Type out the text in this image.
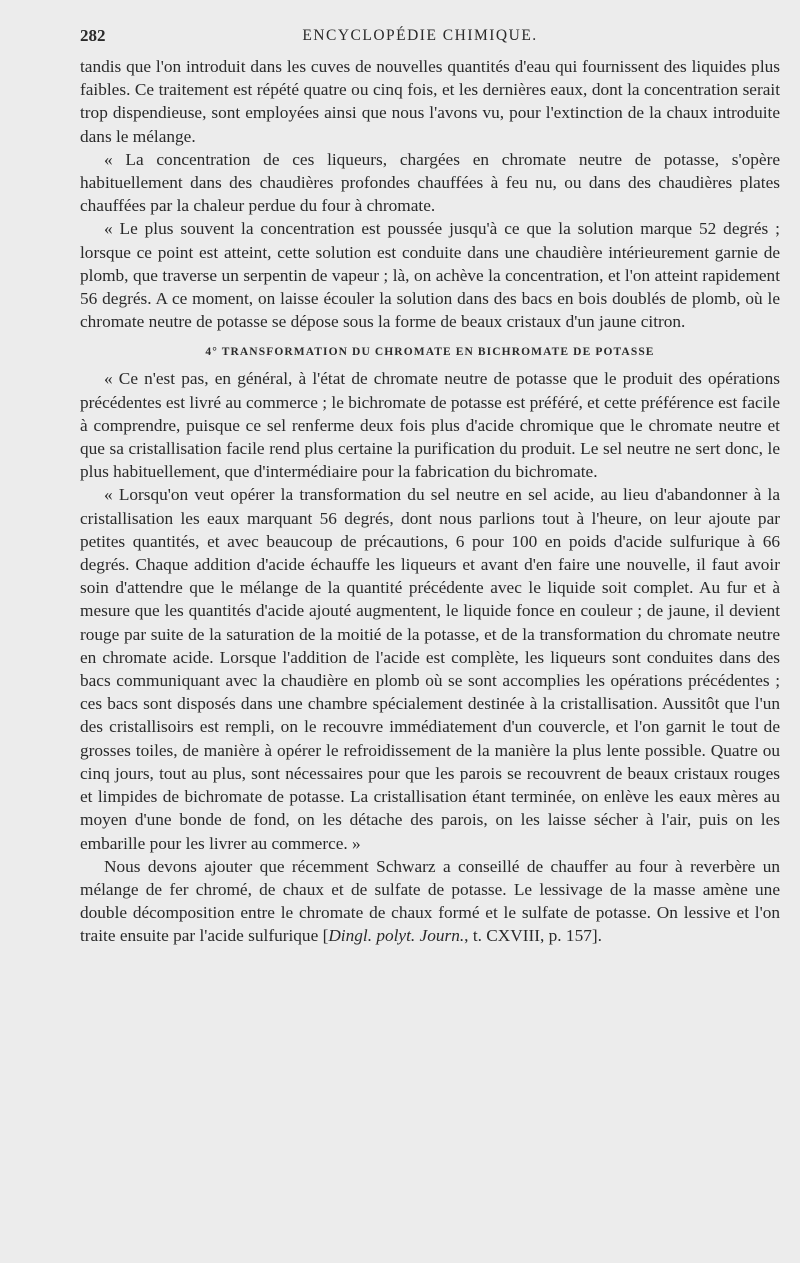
282	ENCYCLOPÉDIE CHIMIQUE.

tandis que l'on introduit dans les cuves de nouvelles quantités d'eau qui fournissent des liquides plus faibles. Ce traitement est répété quatre ou cinq fois, et les dernières eaux, dont la concentration serait trop dispendieuse, sont employées ainsi que nous l'avons vu, pour l'extinction de la chaux introduite dans le mélange.

« La concentration de ces liqueurs, chargées en chromate neutre de potasse, s'opère habituellement dans des chaudières profondes chauffées à feu nu, ou dans des chaudières plates chauffées par la chaleur perdue du four à chromate.

« Le plus souvent la concentration est poussée jusqu'à ce que la solution marque 52 degrés ; lorsque ce point est atteint, cette solution est conduite dans une chaudière intérieurement garnie de plomb, que traverse un serpentin de vapeur ; là, on achève la concentration, et l'on atteint rapidement 56 degrés. A ce moment, on laisse écouler la solution dans des bacs en bois doublés de plomb, où le chromate neutre de potasse se dépose sous la forme de beaux cristaux d'un jaune citron.

4° TRANSFORMATION DU CHROMATE EN BICHROMATE DE POTASSE

« Ce n'est pas, en général, à l'état de chromate neutre de potasse que le produit des opérations précédentes est livré au commerce ; le bichromate de potasse est préféré, et cette préférence est facile à comprendre, puisque ce sel renferme deux fois plus d'acide chromique que le chromate neutre et que sa cristallisation facile rend plus certaine la purification du produit. Le sel neutre ne sert donc, le plus habituellement, que d'intermédiaire pour la fabrication du bichromate.

« Lorsqu'on veut opérer la transformation du sel neutre en sel acide, au lieu d'abandonner à la cristallisation les eaux marquant 56 degrés, dont nous parlions tout à l'heure, on leur ajoute par petites quantités, et avec beaucoup de précautions, 6 pour 100 en poids d'acide sulfurique à 66 degrés. Chaque addition d'acide échauffe les liqueurs et avant d'en faire une nouvelle, il faut avoir soin d'attendre que le mélange de la quantité précédente avec le liquide soit complet. Au fur et à mesure que les quantités d'acide ajouté augmentent, le liquide fonce en couleur ; de jaune, il devient rouge par suite de la saturation de la moitié de la potasse, et de la transformation du chromate neutre en chromate acide. Lorsque l'addition de l'acide est complète, les liqueurs sont conduites dans des bacs communiquant avec la chaudière en plomb où se sont accomplies les opérations précédentes ; ces bacs sont disposés dans une chambre spécialement destinée à la cristallisation. Aussitôt que l'un des cristallisoirs est rempli, on le recouvre immédiatement d'un couvercle, et l'on garnit le tout de grosses toiles, de manière à opérer le refroidissement de la manière la plus lente possible. Quatre ou cinq jours, tout au plus, sont nécessaires pour que les parois se recouvrent de beaux cristaux rouges et limpides de bichromate de potasse. La cristallisation étant terminée, on enlève les eaux mères au moyen d'une bonde de fond, on les détache des parois, on les laisse sécher à l'air, puis on les embarille pour les livrer au commerce. »

Nous devons ajouter que récemment Schwarz a conseillé de chauffer au four à reverbère un mélange de fer chromé, de chaux et de sulfate de potasse. Le lessivage de la masse amène une double décomposition entre le chromate de chaux formé et le sulfate de potasse. On lessive et l'on traite ensuite par l'acide sulfurique [Dingl. polyt. Journ., t. CXVIII, p. 157].
